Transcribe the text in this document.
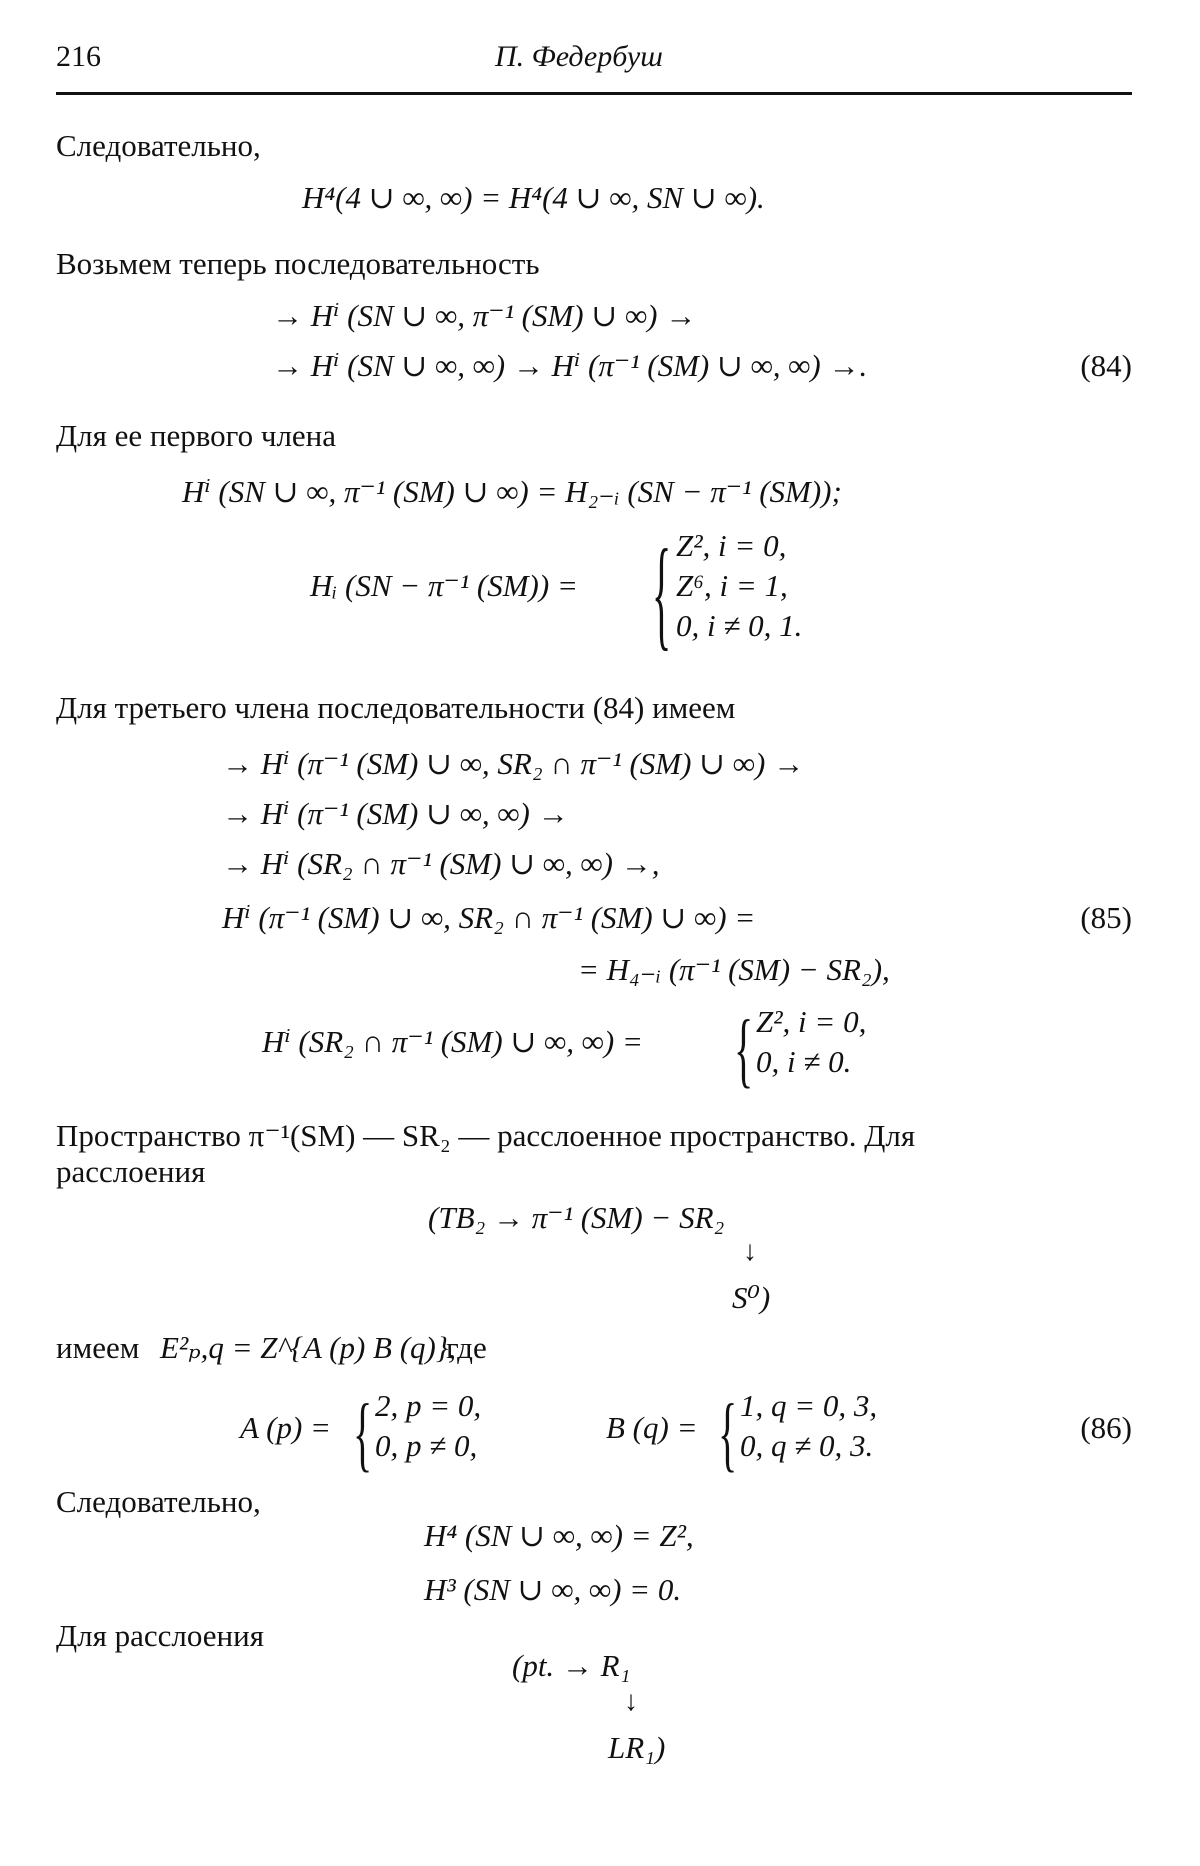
216	П. Федербуш
Следовательно,
H⁴(4 ∪ ∞, ∞) = H⁴(4 ∪ ∞, SN ∪ ∞).
Возьмем теперь последовательность
→ Hⁱ (SN ∪ ∞, π⁻¹ (SM) ∪ ∞) →
→ Hⁱ (SN ∪ ∞, ∞) → Hⁱ (π⁻¹ (SM) ∪ ∞, ∞) →.	(84)
Для ее первого члена
Hⁱ (SN ∪ ∞, π⁻¹ (SM) ∪ ∞) = H₂₋ᵢ (SN − π⁻¹ (SM));
Hᵢ (SN − π⁻¹ (SM)) = { Z², i = 0,
Z⁶, i = 1,
0, i ≠ 0, 1.
Для третьего члена последовательности (84) имеем
→ Hⁱ (π⁻¹ (SM) ∪ ∞, SR₂ ∩ π⁻¹ (SM) ∪ ∞) →
→ Hⁱ (π⁻¹ (SM) ∪ ∞, ∞) →
→ Hⁱ (SR₂ ∩ π⁻¹ (SM) ∪ ∞, ∞) →,
Hⁱ (π⁻¹ (SM) ∪ ∞, SR₂ ∩ π⁻¹ (SM) ∪ ∞) =	(85)
= H₄₋ᵢ (π⁻¹ (SM) − SR₂),
Hⁱ (SR₂ ∩ π⁻¹ (SM) ∪ ∞, ∞) = { Z², i = 0,
0, i ≠ 0.
Пространство π⁻¹(SM) — SR₂ — расслоенное пространство. Для
расслоения
(TB₂ → π⁻¹ (SM) − SR₂
↓
S⁰)
имеем E²ₚ,q = Z^{A (p) B (q)},
где
A (p) = { 2, p = 0,
0, p ≠ 0,
B (q) = { 1, q = 0, 3,
0, q ≠ 0, 3.
(86)
Следовательно,
H⁴ (SN ∪ ∞, ∞) = Z²,
H³ (SN ∪ ∞, ∞) = 0.
Для расслоения
(pt. → R₁
↓
LR₁)
